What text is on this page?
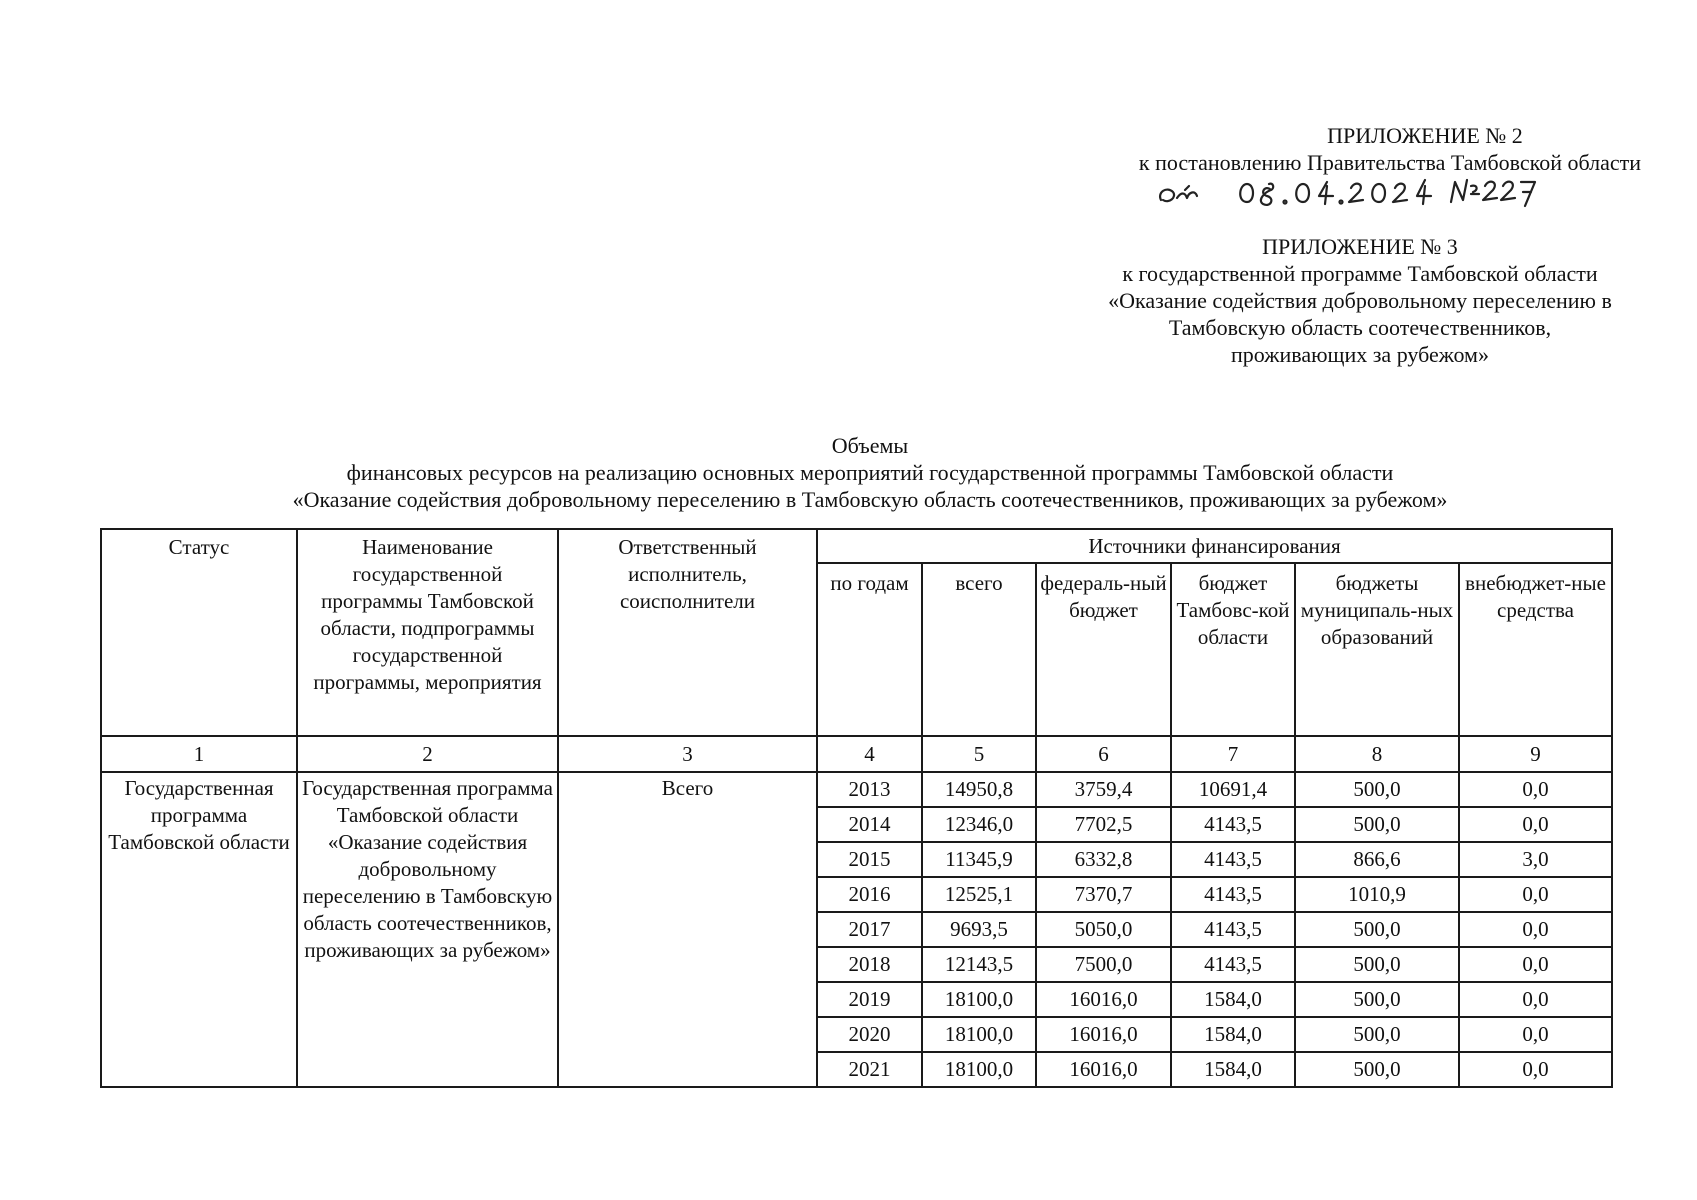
ПРИЛОЖЕНИЕ № 2
к постановлению Правительства Тамбовской области
ПРИЛОЖЕНИЕ № 3
к государственной программе Тамбовской области
«Оказание содействия добровольному переселению в
Тамбовскую область соотечественников,
проживающих за рубежом»
Объемы
финансовых ресурсов на реализацию основных мероприятий государственной программы Тамбовской области
«Оказание содействия добровольному переселению в Тамбовскую область соотечественников, проживающих за рубежом»
Статус	Наименование государственной программы Тамбовской области, подпрограммы государственной программы, мероприятия	Ответственный исполнитель, соисполнители	Источники финансирования					
			по годам	всего	федераль-ный бюджет	бюджет Тамбовс-кой области	бюджеты муниципаль-ных образований	внебюджет-ные средства
1	2	3	4	5	6	7	8	9
Государственная программа Тамбовской области	Государственная программа Тамбовской области «Оказание содействия добровольному переселению в Тамбовскую область соотечественников, проживающих за рубежом»	Всего	2013	14950,8	3759,4	10691,4	500,0	0,0
			2014	12346,0	7702,5	4143,5	500,0	0,0
			2015	11345,9	6332,8	4143,5	866,6	3,0
			2016	12525,1	7370,7	4143,5	1010,9	0,0
			2017	9693,5	5050,0	4143,5	500,0	0,0
			2018	12143,5	7500,0	4143,5	500,0	0,0
			2019	18100,0	16016,0	1584,0	500,0	0,0
			2020	18100,0	16016,0	1584,0	500,0	0,0
			2021	18100,0	16016,0	1584,0	500,0	0,0
